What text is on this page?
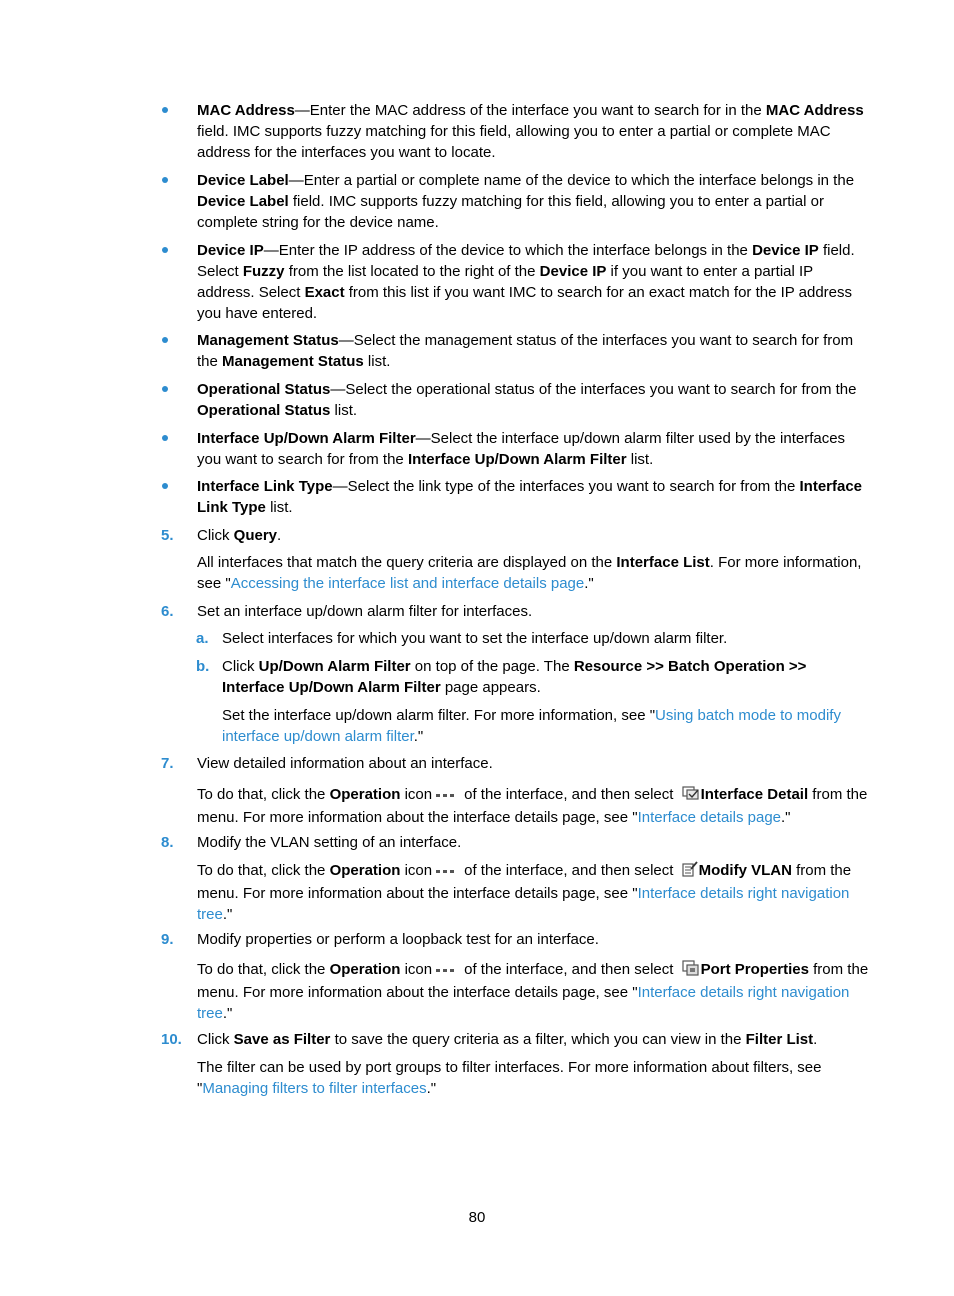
MAC Address—Enter the MAC address of the interface you want to search for in the MAC Address field. IMC supports fuzzy matching for this field, allowing you to enter a partial or complete MAC address for the interfaces you want to locate.
Device Label—Enter a partial or complete name of the device to which the interface belongs in the Device Label field. IMC supports fuzzy matching for this field, allowing you to enter a partial or complete string for the device name.
Device IP—Enter the IP address of the device to which the interface belongs in the Device IP field. Select Fuzzy from the list located to the right of the Device IP if you want to enter a partial IP address. Select Exact from this list if you want IMC to search for an exact match for the IP address you have entered.
Management Status—Select the management status of the interfaces you want to search for from the Management Status list.
Operational Status—Select the operational status of the interfaces you want to search for from the Operational Status list.
Interface Up/Down Alarm Filter—Select the interface up/down alarm filter used by the interfaces you want to search for from the Interface Up/Down Alarm Filter list.
Interface Link Type—Select the link type of the interfaces you want to search for from the Interface Link Type list.
5. Click Query.
All interfaces that match the query criteria are displayed on the Interface List. For more information, see "Accessing the interface list and interface details page."
6. Set an interface up/down alarm filter for interfaces.
a. Select interfaces for which you want to set the interface up/down alarm filter.
b. Click Up/Down Alarm Filter on top of the page. The Resource >> Batch Operation >> Interface Up/Down Alarm Filter page appears.
Set the interface up/down alarm filter. For more information, see "Using batch mode to modify interface up/down alarm filter."
7. View detailed information about an interface.
To do that, click the Operation icon of the interface, and then select Interface Detail from the menu. For more information about the interface details page, see "Interface details page."
8. Modify the VLAN setting of an interface.
To do that, click the Operation icon of the interface, and then select Modify VLAN from the menu. For more information about the interface details page, see "Interface details right navigation tree."
9. Modify properties or perform a loopback test for an interface.
To do that, click the Operation icon of the interface, and then select Port Properties from the menu. For more information about the interface details page, see "Interface details right navigation tree."
10. Click Save as Filter to save the query criteria as a filter, which you can view in the Filter List.
The filter can be used by port groups to filter interfaces. For more information about filters, see "Managing filters to filter interfaces."
80
